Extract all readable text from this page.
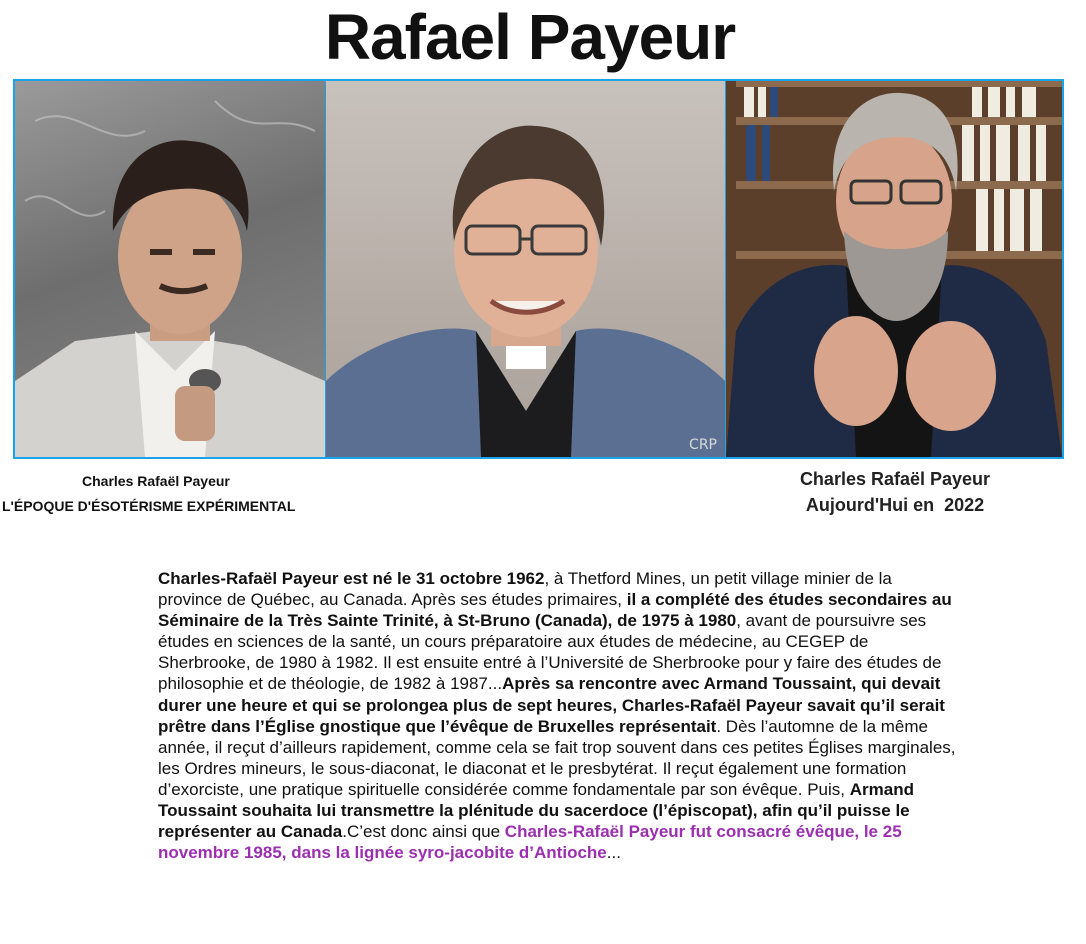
Rafael Payeur
CRP
Charles Rafaël Payeur
L'ÉPOQUE D'ÉSOTÉRISME EXPÉRIMENTAL
Charles Rafaël Payeur
Aujourd'Hui en  2022
Charles-Rafaël Payeur est né le 31 octobre 1962, à Thetford Mines, un petit village minier de la province de Québec, au Canada. Après ses études primaires, il a complété des études secondaires au Séminaire de la Très Sainte Trinité, à St-Bruno (Canada), de 1975 à 1980, avant de poursuivre ses études en sciences de la santé, un cours préparatoire aux études de médecine, au CEGEP de Sherbrooke, de 1980 à 1982. Il est ensuite entré à l’Université de Sherbrooke pour y faire des études de philosophie et de théologie, de 1982 à 1987...Après sa rencontre avec Armand Toussaint, qui devait durer une heure et qui se prolongea plus de sept heures, Charles-Rafaël Payeur savait qu’il serait prêtre dans l’Église gnostique que l’évêque de Bruxelles représentait. Dès l’automne de la même année, il reçut d’ailleurs rapidement, comme cela se fait trop souvent dans ces petites Églises marginales, les Ordres mineurs, le sous-diaconat, le diaconat et le presbytérat. Il reçut également une formation d’exorciste, une pratique spirituelle considérée comme fondamentale par son évêque. Puis, Armand Toussaint souhaita lui transmettre la plénitude du sacerdoce (l’épiscopat), afin qu’il puisse le représenter au Canada.C’est donc ainsi que Charles-Rafaël Payeur fut consacré évêque, le 25 novembre 1985, dans la lignée syro-jacobite d’Antioche...
